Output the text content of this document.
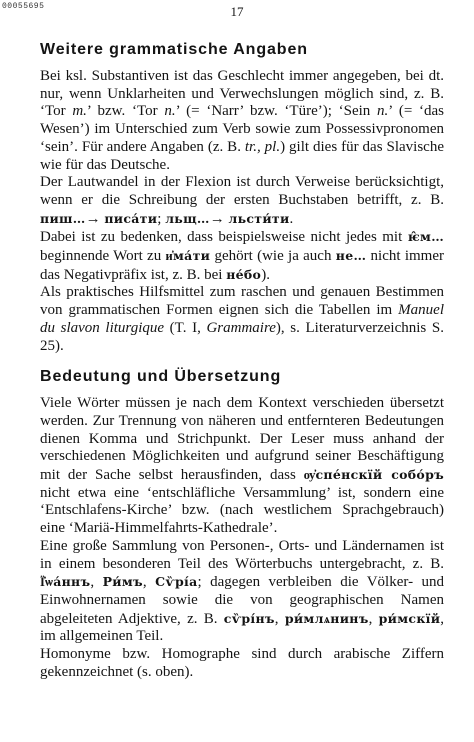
00055695	17
Weitere grammatische Angaben

Bei ksl. Substantiven ist das Geschlecht immer angegeben, bei dt. nur, wenn Unklarheiten und Verwechslungen möglich sind, z. B. ‘Tor m.’ bzw. ‘Tor n.’ (= ‘Narr’ bzw. ‘Türe’); ‘Sein n.’ (= ‘das Wesen’) im Unterschied zum Verb sowie zum Possessivpronomen ‘sein’. Für andere Angaben (z. B. tr., pl.) gilt dies für das Slavische wie für das Deutsche.

Der Lautwandel in der Flexion ist durch Verweise berücksichtigt, wenn er die Schreibung der ersten Buchstaben betrifft, z. B. пиш…→ писа́ти; льщ…→ льсти́ти.

Dabei ist zu bedenken, dass beispielsweise nicht jedes mit ѥ̂м… beginnende Wort zu и҆ма́ти gehört (wie ja auch не… nicht immer das Negativpräfix ist, z. B. bei не́бо).

Als praktisches Hilfsmittel zum raschen und genauen Bestimmen von grammatischen Formen eignen sich die Tabellen im Manuel du slavon liturgique (T. I, Grammaire), s. Literaturverzeichnis S. 25).

Bedeutung und Übersetzung

Viele Wörter müssen je nach dem Kontext verschieden übersetzt werden. Zur Trennung von näheren und entfernteren Bedeutungen dienen Komma und Strichpunkt. Der Leser muss anhand der verschiedenen Möglichkeiten und aufgrund seiner Beschäftigung mit der Sache selbst herausfinden, dass ѹ҆спе́нскїй собо́ръ nicht etwa eine ‘entschläfliche Versammlung’ ist, sondern eine ‘Entschlafens-Kirche’ bzw. (nach westlichem Sprachgebrauch) eine ‘Mariä-Himmelfahrts-Kathedrale’.

Eine große Sammlung von Personen-, Orts- und Ländernamen ist in einem besonderen Teil des Wörterbuchs untergebracht, z. B. Ї҆ѡа́ннъ, Ри́мъ, Сѷрі́а; dagegen verbleiben die Völker- und Einwohnernamen sowie die von geographischen Namen abgeleiteten Adjektive, z. B. сѷрі́нъ, ри́млѧнинъ, ри́мскїй, im allgemeinen Teil.

Homonyme bzw. Homographe sind durch arabische Ziffern gekennzeichnet (s. oben).
